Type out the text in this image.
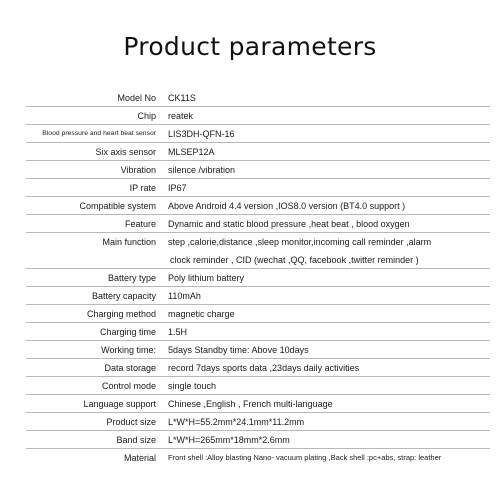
Product parameters
Model No CK11S
Chip reatek
Blood pressure and heart beat sensor LIS3DH-QFN-16
Six axis sensor MLSEP12A
Vibration silence /vibration
IP rate IP67
Compatible system Above Android 4.4 version ,IOS8.0 version (BT4.0 support )
Feature Dynamic and static blood pressure ,heat beat , blood oxygen
Main function step ,calorie,distance ,sleep monitor,incoming call reminder ,alarm
clock reminder , CID (wechat ,QQ, facebook ,twitter reminder )
Battery type Poly lithium battery
Battery capacity 110mAh
Charging method magnetic charge
Charging time 1.5H
Working time: 5days Standby time: Above 10days
Data storage record 7days sports data ,23days daily activities
Control mode single touch
Language support Chinese ,English , French multi-language
Product size L*W*H=55.2mm*24.1mm*11.2mm
Band size L*W*H=265mm*18mm*2.6mm
Material Front shell :Alloy blasting Nano- vacuum plating ,Back shell :pc+abs, strap: leather
